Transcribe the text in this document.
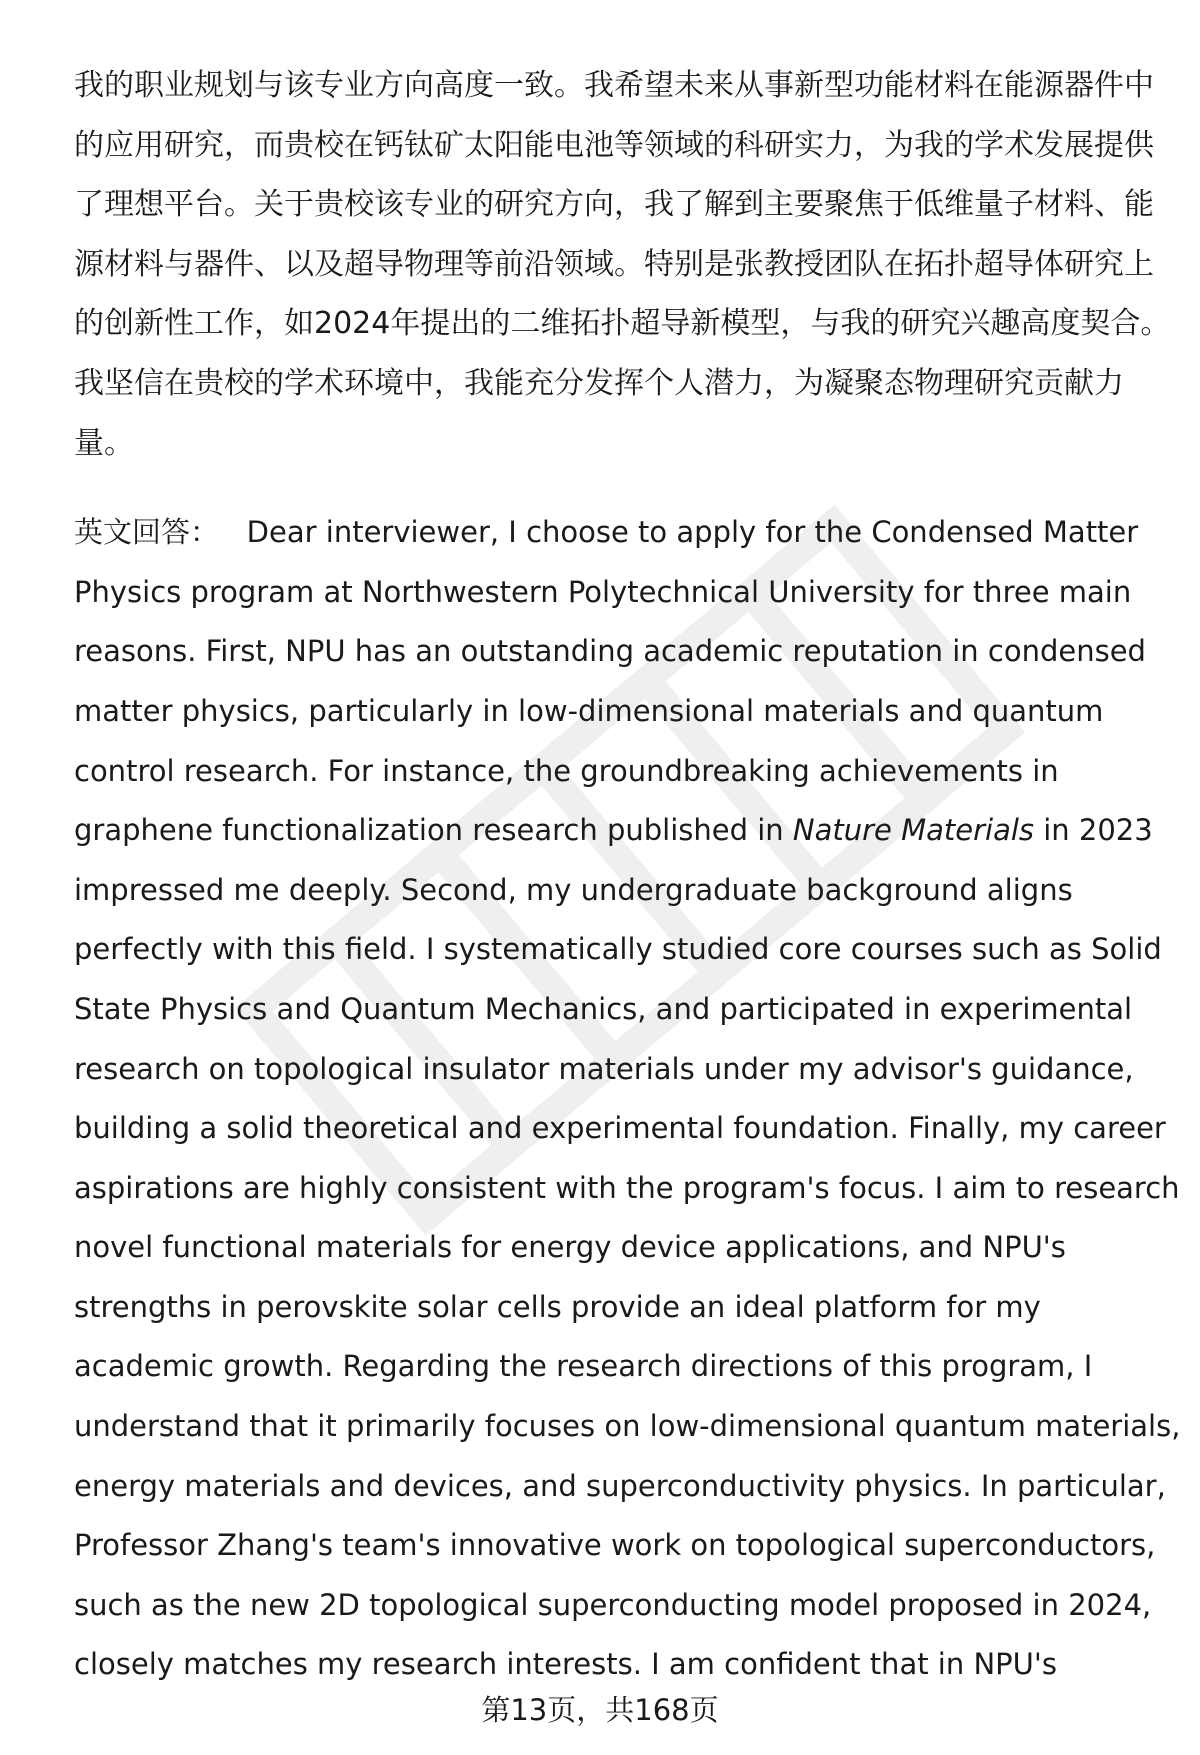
我的职业规划与该专业方向高度一致。我希望未来从事新型功能材料在能源器件中
的应用研究，而贵校在钙钛矿太阳能电池等领域的科研实力，为我的学术发展提供
了理想平台。关于贵校该专业的研究方向，我了解到主要聚焦于低维量子材料、能
源材料与器件、以及超导物理等前沿领域。特别是张教授团队在拓扑超导体研究上
的创新性工作，如2024年提出的二维拓扑超导新模型，与我的研究兴趣高度契合。
我坚信在贵校的学术环境中，我能充分发挥个人潜力，为凝聚态物理研究贡献力
量。
英文回答： Dear interviewer, I choose to apply for the Condensed Matter
Physics program at Northwestern Polytechnical University for three main
reasons. First, NPU has an outstanding academic reputation in condensed
matter physics, particularly in low-dimensional materials and quantum
control research. For instance, the groundbreaking achievements in
graphene functionalization research published in Nature Materials in 2023
impressed me deeply. Second, my undergraduate background aligns
perfectly with this field. I systematically studied core courses such as Solid
State Physics and Quantum Mechanics, and participated in experimental
research on topological insulator materials under my advisor's guidance,
building a solid theoretical and experimental foundation. Finally, my career
aspirations are highly consistent with the program's focus. I aim to research
novel functional materials for energy device applications, and NPU's
strengths in perovskite solar cells provide an ideal platform for my
academic growth. Regarding the research directions of this program, I
understand that it primarily focuses on low-dimensional quantum materials,
energy materials and devices, and superconductivity physics. In particular,
Professor Zhang's team's innovative work on topological superconductors,
such as the new 2D topological superconducting model proposed in 2024,
closely matches my research interests. I am confident that in NPU's
第13页，共168页
